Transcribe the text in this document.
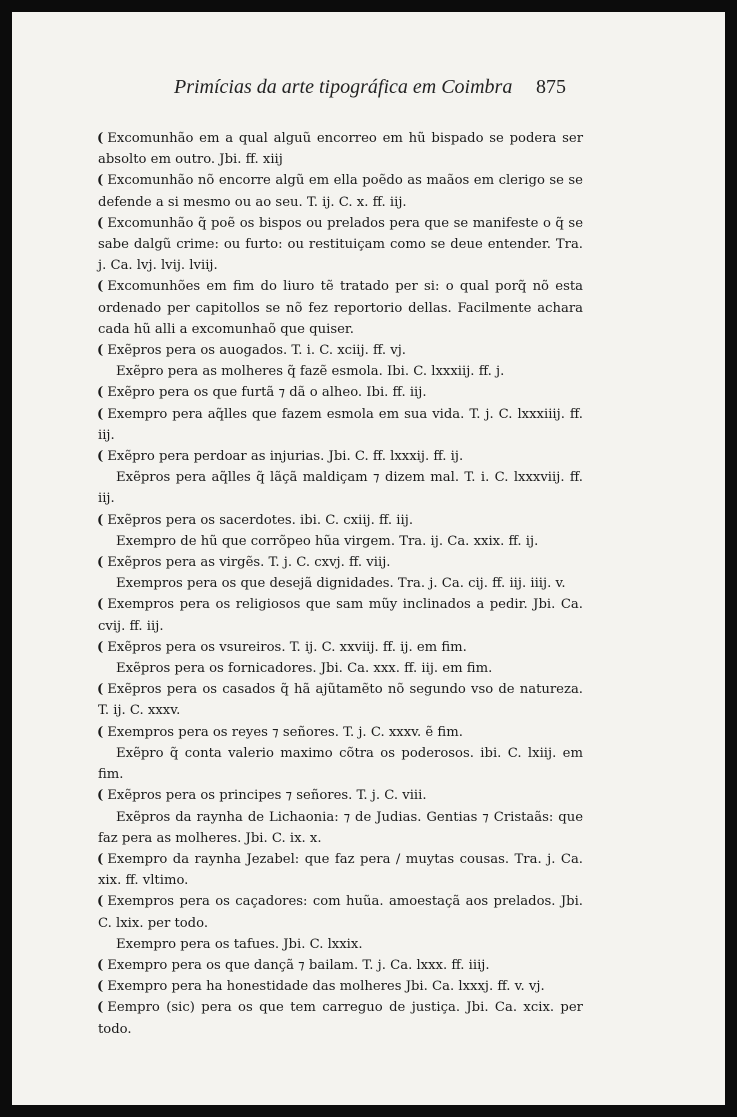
Primícias da arte tipográfica em Coimbra 875
( Excomunhão em a qual alguũ encorreo em hũ bispado se podera ser absolto em outro. Jbi. ff. xiij
( Excomunhão nõ encorre algũ em ella poẽdo as maãos em clerigo se se defende a si mesmo ou ao seu. T. ij. C. x. ff. iij.
( Excomunhão q̃ poẽ os bispos ou prelados pera que se manifeste o q̃ se sabe dalgũ crime: ou furto: ou restituiçam como se deue entender. Tra. j. Ca. lvj. lvij. lviij.
( Excomunhões em fim do liuro tẽ tratado per si: o qual porq̃ nõ esta ordenado per capitollos se nõ fez reportorio dellas. Facilmente achara cada hũ alli a excomunhaõ que quiser.
( Exẽpros pera os auogados. T. i. C. xciij. ff. vj.
Exẽpro pera as molheres q̃ fazẽ esmola. Ibi. C. lxxxiij. ff. j.
( Exẽpro pera os que furtã ⁊ dã o alheo. Ibi. ff. iij.
( Exempro pera aq̃lles que fazem esmola em sua vida. T. j. C. lxxxiiij. ff. iij.
( Exẽpro pera perdoar as injurias. Jbi. C. ff. lxxxij. ff. ij.
Exẽpros pera aq̃lles q̃ lãçã maldiçam ⁊ dizem mal. T. i. C. lxxxviij. ff. iij.
( Exẽpros pera os sacerdotes. ibi. C. cxiij. ff. iij.
Exempro de hũ que corrõpeo hũa virgem. Tra. ij. Ca. xxix. ff. ij.
( Exẽpros pera as virgẽs. T. j. C. cxvj. ff. viij.
Exempros pera os que desejã dignidades. Tra. j. Ca. cij. ff. iij. iiij. v.
( Exempros pera os religiosos que sam mũy inclinados a pedir. Jbi. Ca. cvij. ff. iij.
( Exẽpros pera os vsureiros. T. ij. C. xxviij. ff. ij. em fim.
Exẽpros pera os fornicadores. Jbi. Ca. xxx. ff. iij. em fim.
( Exẽpros pera os casados q̃ hã ajũtamẽto nõ segundo vso de natureza. T. ij. C. xxxv.
( Exempros pera os reyes ⁊ señores. T. j. C. xxxv. ẽ fim.
Exẽpro q̃ conta valerio maximo cõtra os poderosos. ibi. C. lxiij. em fim.
( Exẽpros pera os principes ⁊ señores. T. j. C. viii.
Exẽpros da raynha de Lichaonia: ⁊ de Judias. Gentias ⁊ Cristaãs: que faz pera as molheres. Jbi. C. ix. x.
( Exempro da raynha Jezabel: que faz pera / muytas cousas. Tra. j. Ca. xix. ff. vltimo.
( Exempros pera os caçadores: com huũa. amoestaçã aos prelados. Jbi. C. lxix. per todo.
Exempro pera os tafues. Jbi. C. lxxix.
( Exempro pera os que dançã ⁊ bailam. T. j. Ca. lxxx. ff. iiij.
( Exempro pera ha honestidade das molheres Jbi. Ca. lxxxj. ff. v. vj.
( Eempro (sic) pera os que tem carreguo de justiça. Jbi. Ca. xcix. per todo.
